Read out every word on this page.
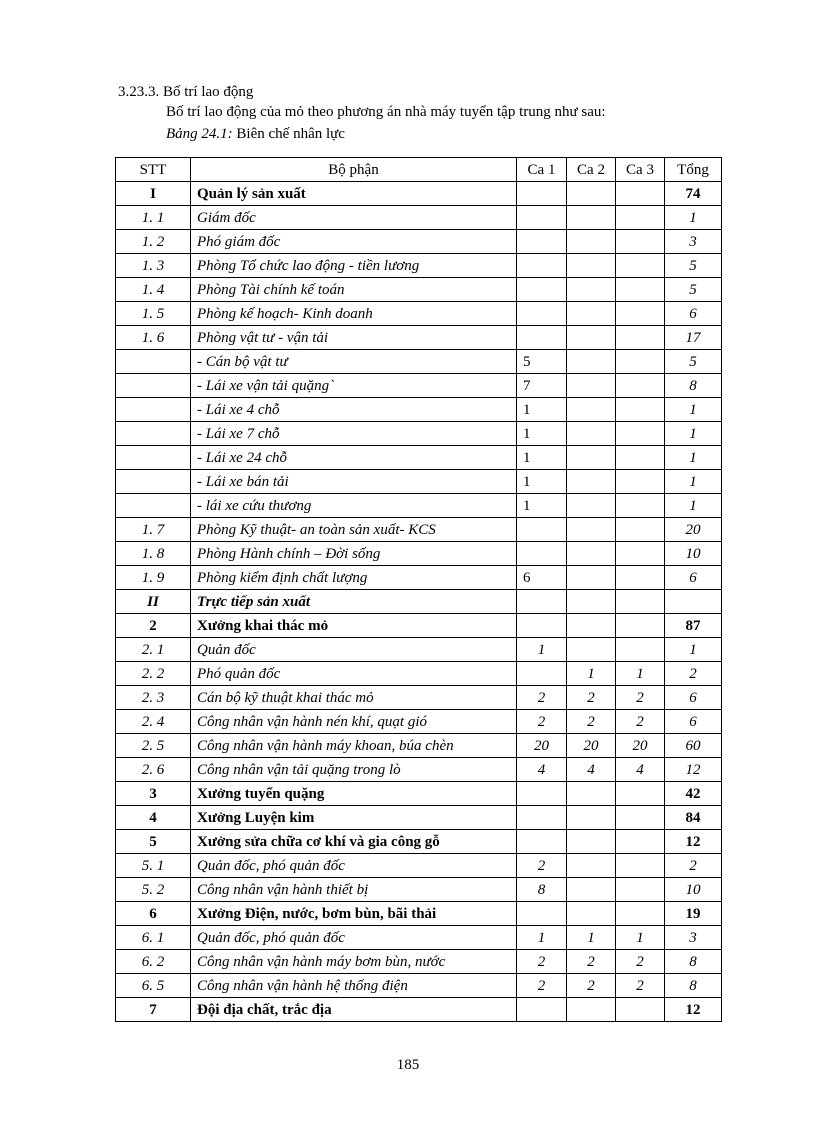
3.23.3. Bố trí lao động
Bố trí lao động của mỏ theo phương án nhà máy tuyển tập trung như sau:
Bảng 24.1: Biên chế nhân lực
STT	Bộ phận	Ca 1	Ca 2	Ca 3	Tổng
I	Quản lý sản xuất				74
1. 1	Giám đốc				1
1. 2	Phó giám đốc				3
1. 3	Phòng Tổ chức lao động - tiền lương				5
1. 4	Phòng Tài chính kế toán				5
1. 5	Phòng kế hoạch- Kinh doanh				6
1. 6	Phòng vật tư - vận tải				17
	- Cán bộ vật tư	5			5
	- Lái xe vận tải quặng`	7			8
	- Lái xe 4 chỗ	1			1
	- Lái xe 7 chỗ	1			1
	- Lái xe 24 chỗ	1			1
	- Lái xe bán tải	1			1
	- lái xe cứu thương	1			1
1. 7	Phòng Kỹ thuật- an toàn sản xuất- KCS				20
1. 8	Phòng Hành chính – Đời sống				10
1. 9	Phòng kiểm định chất lượng	6			6
II	Trực tiếp sản xuất				
2	Xưởng khai thác mỏ				87
2. 1	Quản đốc	1			1
2. 2	Phó quản đốc		1	1	2
2. 3	Cán bộ kỹ thuật khai thác mỏ	2	2	2	6
2. 4	Công nhân vận hành nén khí, quạt gió	2	2	2	6
2. 5	Công nhân vận hành máy khoan, búa chèn	20	20	20	60
2. 6	Công nhân vận tải quặng trong lò	4	4	4	12
3	Xưởng tuyển quặng				42
4	Xưởng Luyện kim				84
5	Xưởng sửa chữa cơ khí và gia công gỗ				12
5. 1	Quản đốc, phó quản đốc	2			2
5. 2	Công nhân vận hành thiết bị	8			10
6	Xưởng Điện, nước, bơm bùn, bãi thải				19
6. 1	Quản đốc, phó quản đốc	1	1	1	3
6. 2	Công nhân vận hành máy bơm bùn, nước	2	2	2	8
6. 5	Công nhân vận hành hệ thống điện	2	2	2	8
7	Đội địa chất, trắc địa				12
185
